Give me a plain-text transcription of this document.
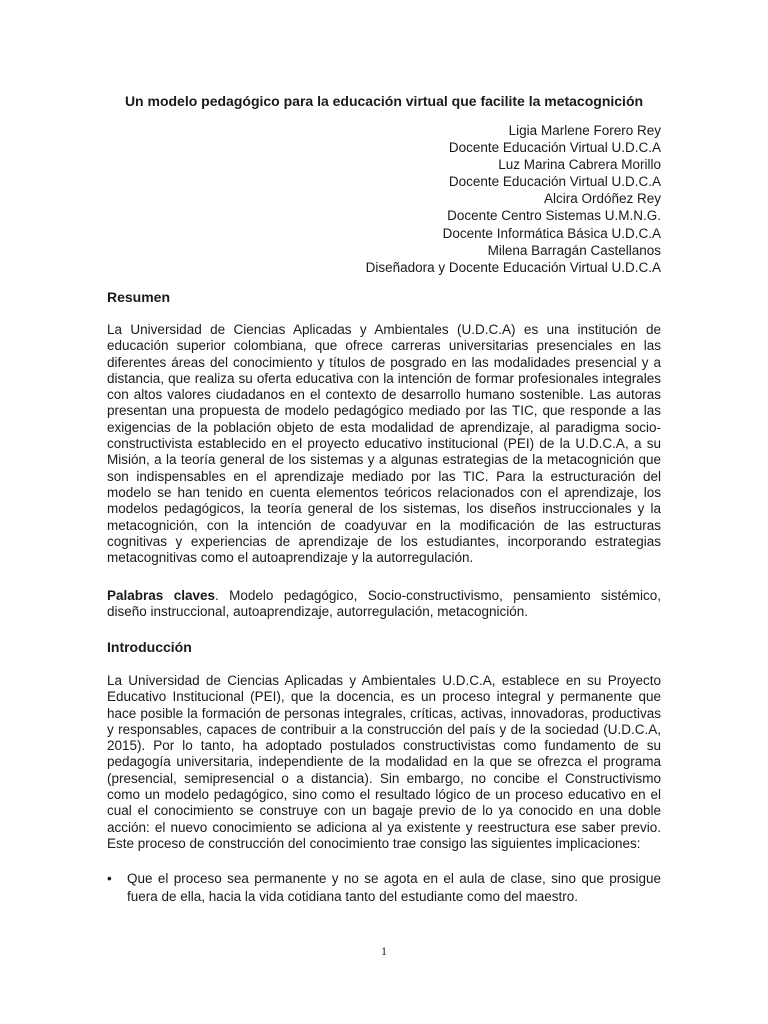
Un modelo pedagógico para la educación virtual que facilite la metacognición
Ligia Marlene Forero Rey
Docente Educación Virtual U.D.C.A
Luz Marina Cabrera Morillo
Docente Educación Virtual U.D.C.A
Alcira Ordóñez Rey
Docente Centro Sistemas U.M.N.G.
Docente Informática Básica U.D.C.A
Milena Barragán Castellanos
Diseñadora y Docente Educación Virtual U.D.C.A
Resumen
La Universidad de Ciencias Aplicadas y Ambientales (U.D.C.A) es una institución de educación superior colombiana, que ofrece carreras universitarias presenciales en las diferentes áreas del conocimiento y títulos de posgrado en las modalidades presencial y a distancia, que realiza su oferta educativa con la intención de formar profesionales integrales con altos valores ciudadanos en el contexto de desarrollo humano sostenible. Las autoras presentan una propuesta de modelo pedagógico mediado por las TIC, que responde a las exigencias de la población objeto de esta modalidad de aprendizaje, al paradigma socio-constructivista establecido en el proyecto educativo institucional (PEI) de la U.D.C.A, a su Misión, a la teoría general de los sistemas y a algunas estrategias de la metacognición que son indispensables en el aprendizaje mediado por las TIC. Para la estructuración del modelo se han tenido en cuenta elementos teóricos relacionados con el aprendizaje, los modelos pedagógicos, la teoría general de los sistemas, los diseños instruccionales y la metacognición, con la intención de coadyuvar en la modificación de las estructuras cognitivas y experiencias de aprendizaje de los estudiantes, incorporando estrategias metacognitivas como el autoaprendizaje y la autorregulación.
Palabras claves. Modelo pedagógico, Socio-constructivismo, pensamiento sistémico, diseño instruccional, autoaprendizaje, autorregulación, metacognición.
Introducción
La Universidad de Ciencias Aplicadas y Ambientales U.D.C.A, establece en su Proyecto Educativo Institucional (PEI), que la docencia, es un proceso integral y permanente que hace posible la formación de personas integrales, críticas, activas, innovadoras, productivas y responsables, capaces de contribuir a la construcción del país y de la sociedad (U.D.C.A, 2015). Por lo tanto, ha adoptado postulados constructivistas como fundamento de su pedagogía universitaria, independiente de la modalidad en la que se ofrezca el programa (presencial, semipresencial o a distancia). Sin embargo, no concibe el Constructivismo como un modelo pedagógico, sino como el resultado lógico de un proceso educativo en el cual el conocimiento se construye con un bagaje previo de lo ya conocido en una doble acción: el nuevo conocimiento se adiciona al ya existente y reestructura ese saber previo. Este proceso de construcción del conocimiento trae consigo las siguientes implicaciones:
•	Que el proceso sea permanente y no se agota en el aula de clase, sino que prosigue fuera de ella, hacia la vida cotidiana tanto del estudiante como del maestro.
1
